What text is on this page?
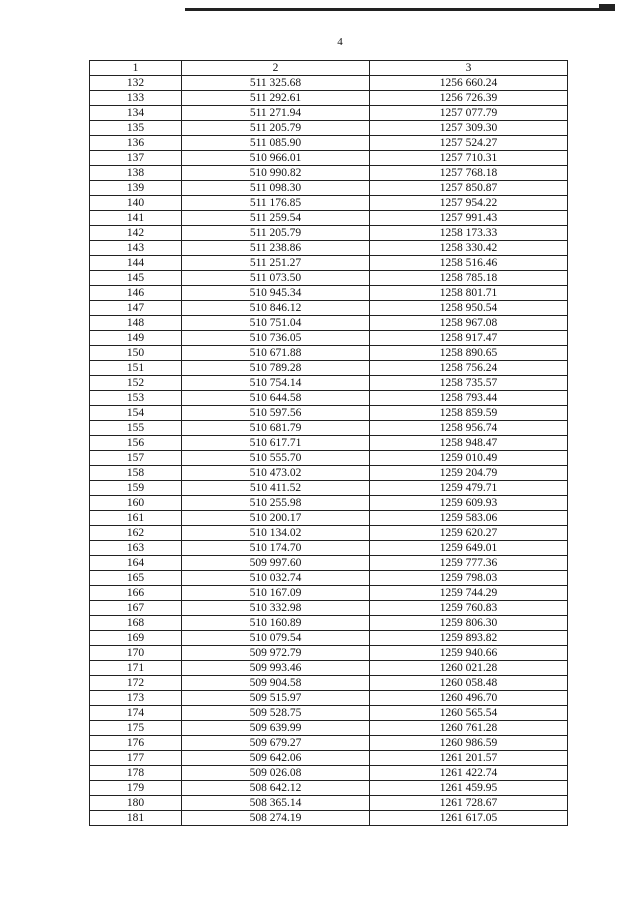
4
1	2	3
132	511 325.68	1256 660.24
133	511 292.61	1256 726.39
134	511 271.94	1257 077.79
135	511 205.79	1257 309.30
136	511 085.90	1257 524.27
137	510 966.01	1257 710.31
138	510 990.82	1257 768.18
139	511 098.30	1257 850.87
140	511 176.85	1257 954.22
141	511 259.54	1257 991.43
142	511 205.79	1258 173.33
143	511 238.86	1258 330.42
144	511 251.27	1258 516.46
145	511 073.50	1258 785.18
146	510 945.34	1258 801.71
147	510 846.12	1258 950.54
148	510 751.04	1258 967.08
149	510 736.05	1258 917.47
150	510 671.88	1258 890.65
151	510 789.28	1258 756.24
152	510 754.14	1258 735.57
153	510 644.58	1258 793.44
154	510 597.56	1258 859.59
155	510 681.79	1258 956.74
156	510 617.71	1258 948.47
157	510 555.70	1259 010.49
158	510 473.02	1259 204.79
159	510 411.52	1259 479.71
160	510 255.98	1259 609.93
161	510 200.17	1259 583.06
162	510 134.02	1259 620.27
163	510 174.70	1259 649.01
164	509 997.60	1259 777.36
165	510 032.74	1259 798.03
166	510 167.09	1259 744.29
167	510 332.98	1259 760.83
168	510 160.89	1259 806.30
169	510 079.54	1259 893.82
170	509 972.79	1259 940.66
171	509 993.46	1260 021.28
172	509 904.58	1260 058.48
173	509 515.97	1260 496.70
174	509 528.75	1260 565.54
175	509 639.99	1260 761.28
176	509 679.27	1260 986.59
177	509 642.06	1261 201.57
178	509 026.08	1261 422.74
179	508 642.12	1261 459.95
180	508 365.14	1261 728.67
181	508 274.19	1261 617.05
